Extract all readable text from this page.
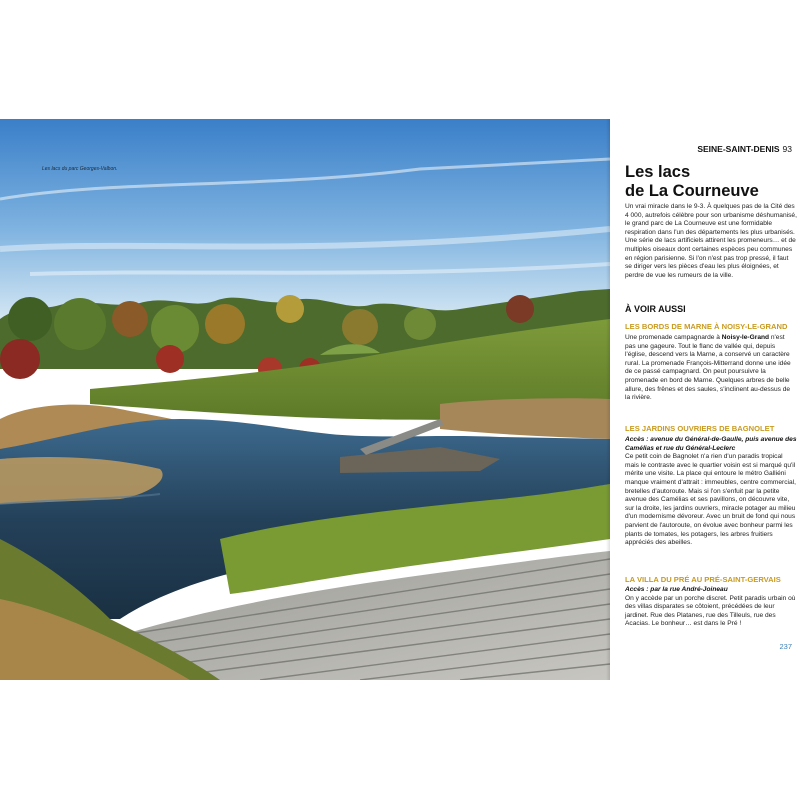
Les lacs du parc Georges-Valbon.
SEINE-SAINT-DENIS 93
Les lacs
de La Courneuve
Un vrai miracle dans le 9-3. À quelques pas de la Cité des 4 000, autrefois célèbre pour son urbanisme déshumanisé, le grand parc de La Courneuve est une formidable respiration dans l'un des départements les plus urbanisés. Une série de lacs artificiels attirent les promeneurs… et de multiples oiseaux dont certaines espèces peu communes en région parisienne. Si l'on n'est pas trop pressé, il faut se diriger vers les pièces d'eau les plus éloignées, et perdre de vue les rumeurs de la ville.
À VOIR AUSSI
LES BORDS DE MARNE À NOISY-LE-GRAND
Une promenade campagnarde à Noisy-le-Grand n'est pas une gageure. Tout le flanc de vallée qui, depuis l'église, descend vers la Marne, a conservé un caractère rural. La promenade François-Mitterrand donne une idée de ce passé campagnard. On peut poursuivre la promenade en bord de Marne. Quelques arbres de belle allure, des frênes et des saules, s'inclinent au-dessus de la rivière.
LES JARDINS OUVRIERS DE BAGNOLET
Accès : avenue du Général-de-Gaulle, puis avenue des Camélias et rue du Général-Leclerc
Ce petit coin de Bagnolet n'a rien d'un paradis tropical mais le contraste avec le quartier voisin est si marqué qu'il mérite une visite. La place qui entoure le métro Galliéni manque vraiment d'attrait : immeubles, centre commercial, bretelles d'autoroute. Mais si l'on s'enfuit par la petite avenue des Camélias et ses pavillons, on découvre vite, sur la droite, les jardins ouvriers, miracle potager au milieu d'un modernisme dévoreur. Avec un bruit de fond qui nous parvient de l'autoroute, on évolue avec bonheur parmi les plants de tomates, les potagers, les arbres fruitiers appréciés des abeilles.
LA VILLA DU PRÉ AU PRÉ-SAINT-GERVAIS
Accès : par la rue André-Joineau
On y accède par un porche discret. Petit paradis urbain où des villas disparates se côtoient, précédées de leur jardinet. Rue des Platanes, rue des Tilleuls, rue des Acacias. Le bonheur… est dans le Pré !
237
